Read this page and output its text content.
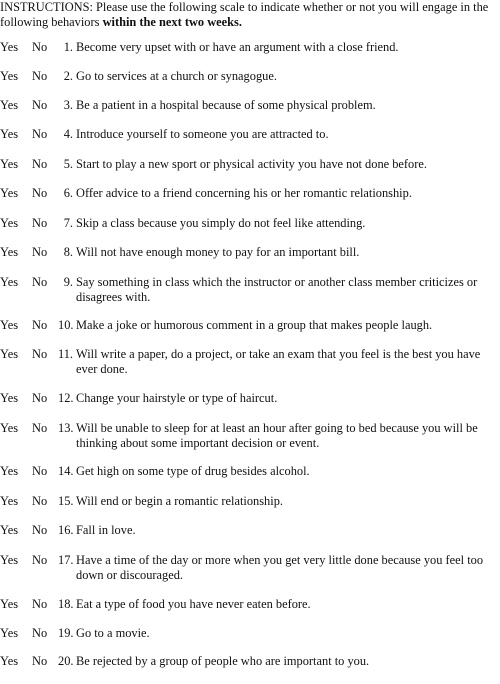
INSTRUCTIONS: Please use the following scale to indicate whether or not you will engage in the following behaviors within the next two weeks.

Yes No 1. Become very upset with or have an argument with a close friend.
Yes No 2. Go to services at a church or synagogue.
Yes No 3. Be a patient in a hospital because of some physical problem.
Yes No 4. Introduce yourself to someone you are attracted to.
Yes No 5. Start to play a new sport or physical activity you have not done before.
Yes No 6. Offer advice to a friend concerning his or her romantic relationship.
Yes No 7. Skip a class because you simply do not feel like attending.
Yes No 8. Will not have enough money to pay for an important bill.
Yes No 9. Say something in class which the instructor or another class member criticizes or disagrees with.
Yes No 10. Make a joke or humorous comment in a group that makes people laugh.
Yes No 11. Will write a paper, do a project, or take an exam that you feel is the best you have ever done.
Yes No 12. Change your hairstyle or type of haircut.
Yes No 13. Will be unable to sleep for at least an hour after going to bed because you will be thinking about some important decision or event.
Yes No 14. Get high on some type of drug besides alcohol.
Yes No 15. Will end or begin a romantic relationship.
Yes No 16. Fall in love.
Yes No 17. Have a time of the day or more when you get very little done because you feel too down or discouraged.
Yes No 18. Eat a type of food you have never eaten before.
Yes No 19. Go to a movie.
Yes No 20. Be rejected by a group of people who are important to you.
